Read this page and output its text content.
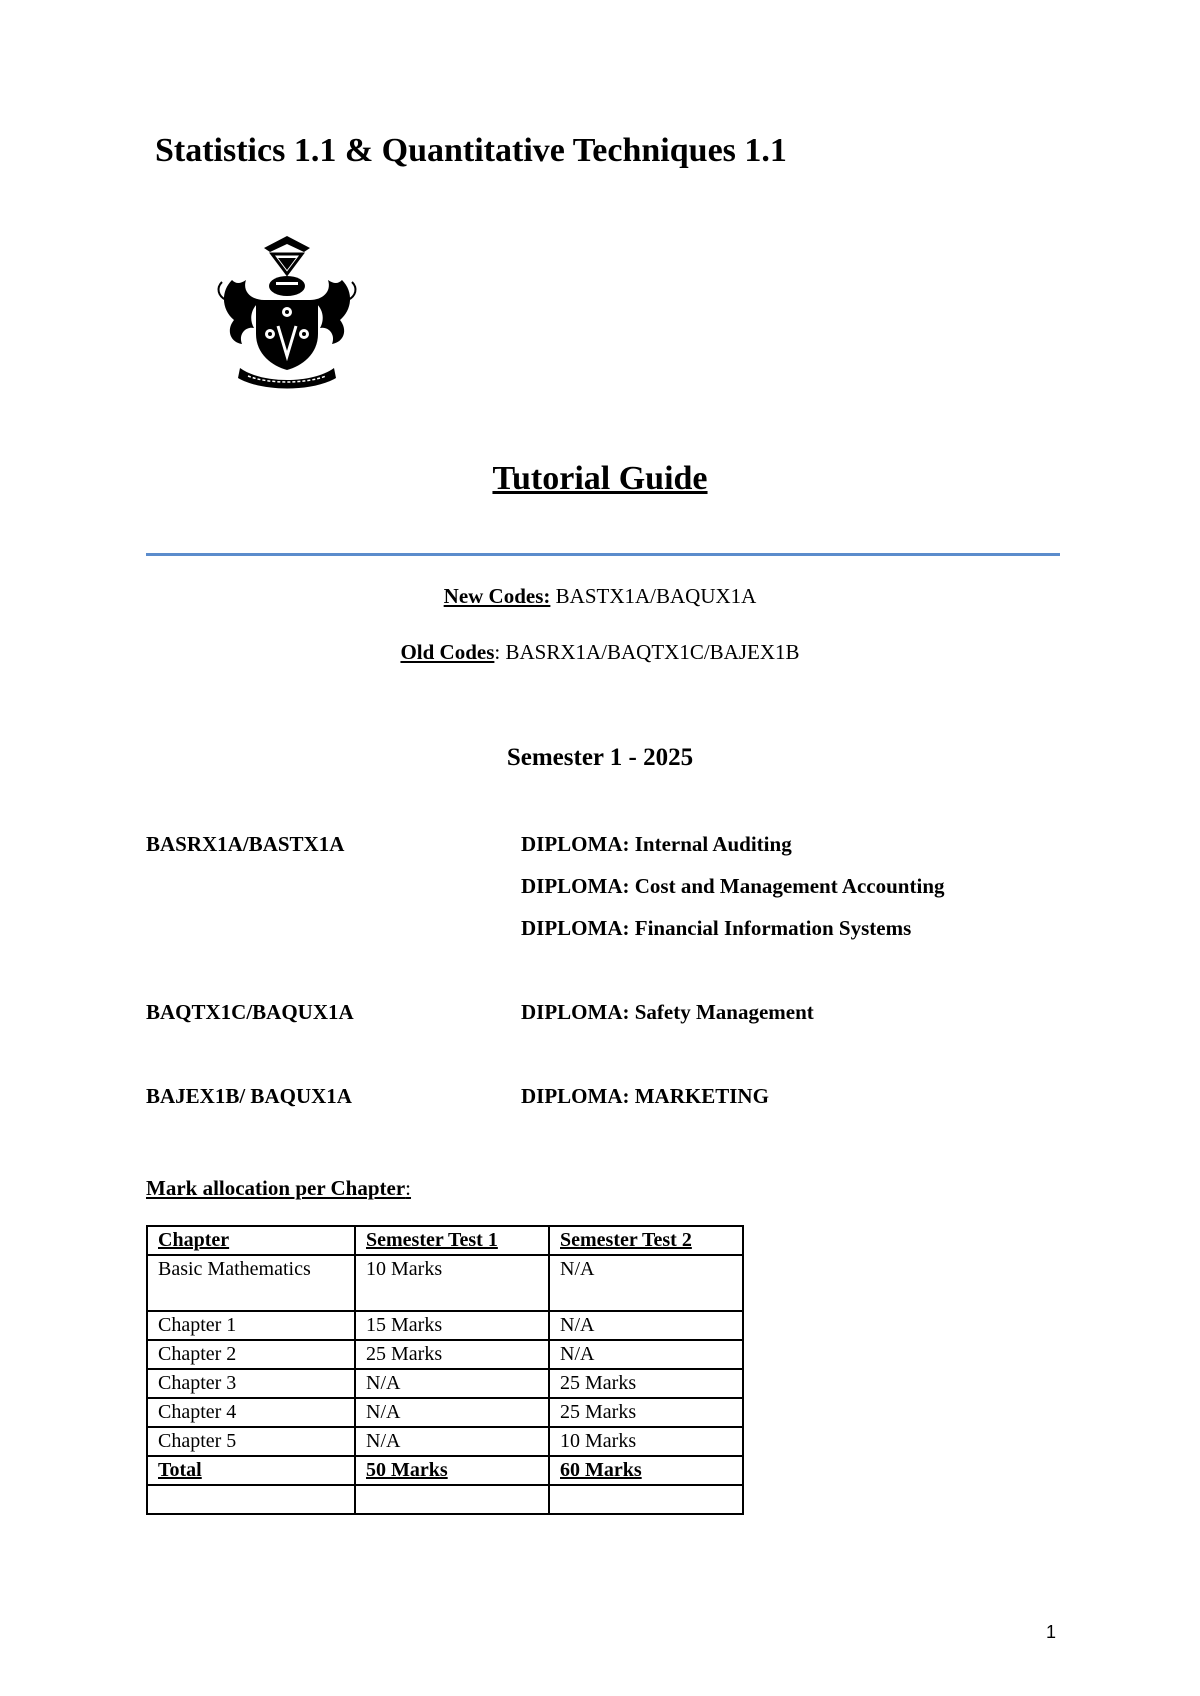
Statistics 1.1 & Quantitative Techniques 1.1
Tutorial Guide
New Codes: BASTX1A/BAQUX1A
Old Codes: BASRX1A/BAQTX1C/BAJEX1B
Semester 1 - 2025
BASRX1A/BASTX1A	DIPLOMA: Internal Auditing
DIPLOMA: Cost and Management Accounting
DIPLOMA: Financial Information Systems
BAQTX1C/BAQUX1A	DIPLOMA: Safety Management
BAJEX1B/ BAQUX1A	DIPLOMA: MARKETING
Mark allocation per Chapter:
Chapter	Semester Test 1	Semester Test 2
Basic Mathematics	10 Marks	N/A
Chapter 1	15 Marks	N/A
Chapter 2	25 Marks	N/A
Chapter 3	N/A	25 Marks
Chapter 4	N/A	25 Marks
Chapter 5	N/A	10 Marks
Total	50 Marks	60 Marks

1
